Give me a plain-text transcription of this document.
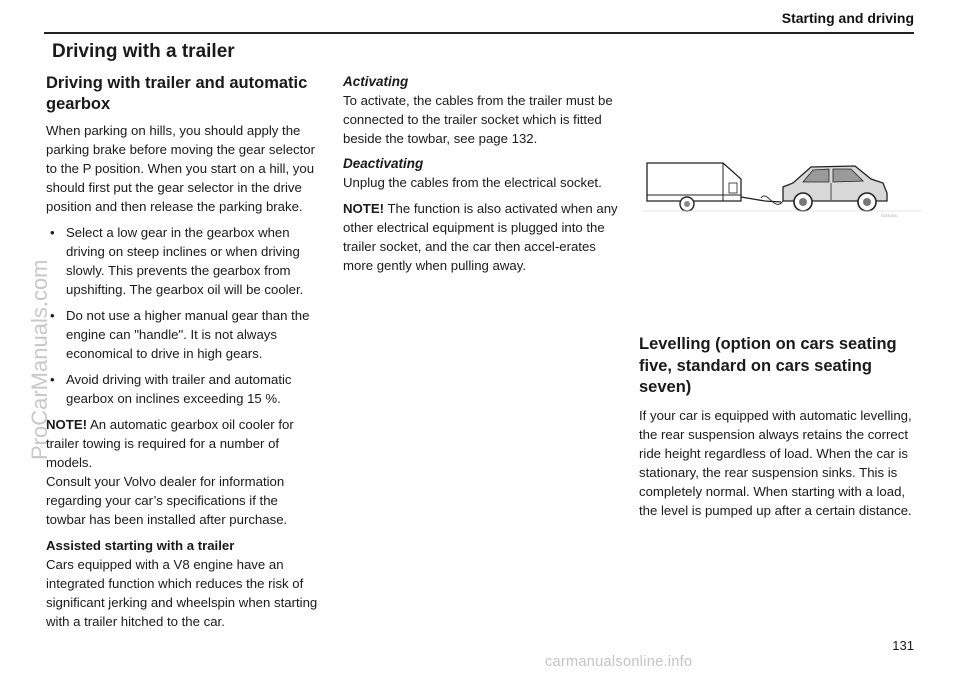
Starting and driving
Driving with a trailer
Driving with trailer and automatic gearbox

When parking on hills, you should apply the parking brake before moving the gear selector to the P position. When you start on a hill, you should first put the gear selector in the drive position and then release the parking brake.

• Select a low gear in the gearbox when driving on steep inclines or when driving slowly. This prevents the gearbox from upshifting. The gearbox oil will be cooler.
• Do not use a higher manual gear than the engine can "handle". It is not always economical to drive in high gears.
• Avoid driving with trailer and automatic gearbox on inclines exceeding 15 %.

NOTE! An automatic gearbox oil cooler for trailer towing is required for a number of models.

Consult your Volvo dealer for information regarding your car’s specifications if the towbar has been installed after purchase.

Assisted starting with a trailer

Cars equipped with a V8 engine have an integrated function which reduces the risk of significant jerking and wheelspin when starting with a trailer hitched to the car.

Activating

To activate, the cables from the trailer must be connected to the trailer socket which is fitted beside the towbar, see page 132.

Deactivating

Unplug the cables from the electrical socket.

NOTE! The function is also activated when any other electrical equipment is plugged into the trailer socket, and the car then accel-erates more gently when pulling away.

G000000
Levelling (option on cars seating five, standard on cars seating seven)

If your car is equipped with automatic levelling, the rear suspension always retains the correct ride height regardless of load. When the car is stationary, the rear suspension sinks. This is completely normal. When starting with a load, the level is pumped up after a certain distance.

131
ProCarManuals.com
carmanualsonline.info
